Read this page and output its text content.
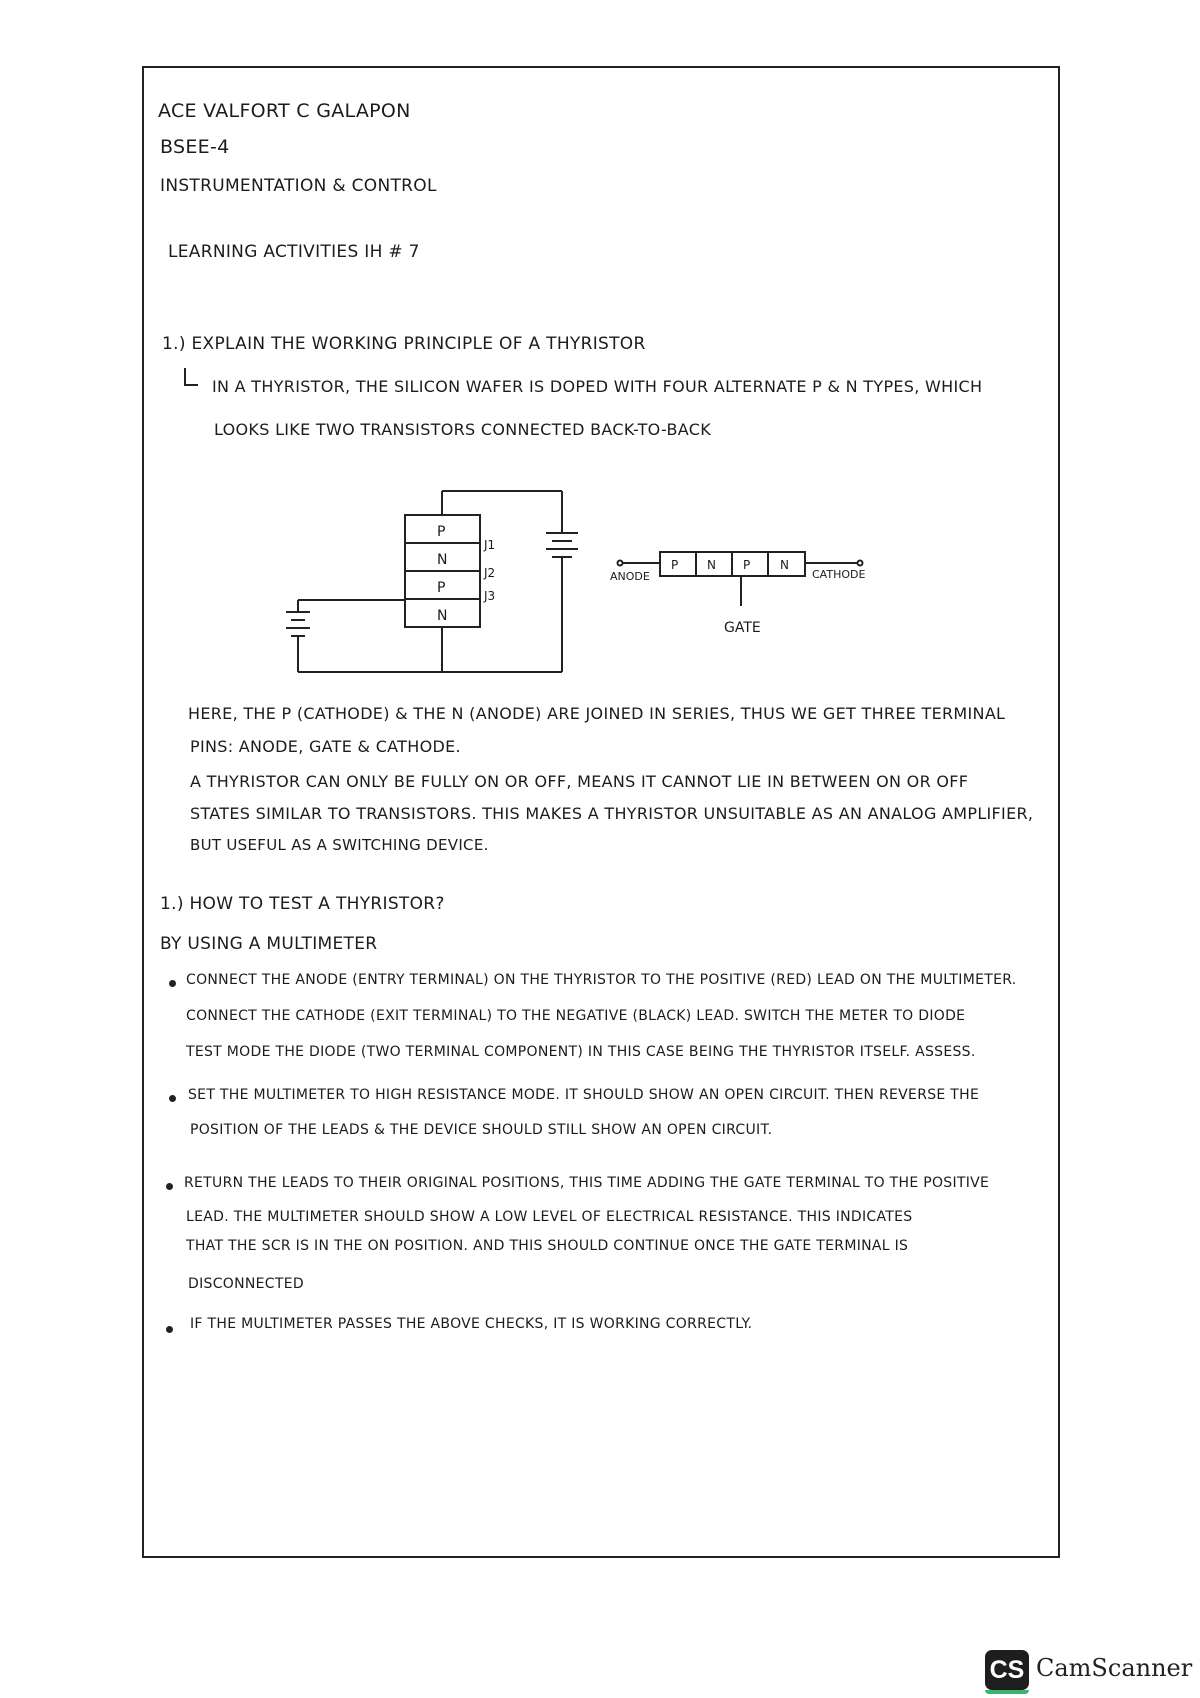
ACE VALFORT C GALAPON
BSEE-4
INSTRUMENTATION & CONTROL
LEARNING ACTIVITIES IH # 7
1.) EXPLAIN THE WORKING PRINCIPLE OF A THYRISTOR
IN A THYRISTOR, THE SILICON WAFER IS DOPED WITH FOUR ALTERNATE P & N TYPES, WHICH
LOOKS LIKE TWO TRANSISTORS CONNECTED BACK-TO-BACK
P
N
P
N
J1
J2
J3
P N P N
ANODE	CATHODE
GATE
HERE, THE P (CATHODE) & THE N (ANODE) ARE JOINED IN SERIES, THUS WE GET THREE TERMINAL
PINS: ANODE, GATE & CATHODE.
A THYRISTOR CAN ONLY BE FULLY ON OR OFF, MEANS IT CANNOT LIE IN BETWEEN ON OR OFF
STATES SIMILAR TO TRANSISTORS. THIS MAKES A THYRISTOR UNSUITABLE AS AN ANALOG AMPLIFIER,
BUT USEFUL AS A SWITCHING DEVICE.
1.) HOW TO TEST A THYRISTOR?
BY USING A MULTIMETER
CONNECT THE ANODE (ENTRY TERMINAL) ON THE THYRISTOR TO THE POSITIVE (RED) LEAD ON THE MULTIMETER.
CONNECT THE CATHODE (EXIT TERMINAL) TO THE NEGATIVE (BLACK) LEAD. SWITCH THE METER TO DIODE
TEST MODE THE DIODE (TWO TERMINAL COMPONENT) IN THIS CASE BEING THE THYRISTOR ITSELF. ASSESS.
SET THE MULTIMETER TO HIGH RESISTANCE MODE. IT SHOULD SHOW AN OPEN CIRCUIT. THEN REVERSE THE
POSITION OF THE LEADS & THE DEVICE SHOULD STILL SHOW AN OPEN CIRCUIT.
RETURN THE LEADS TO THEIR ORIGINAL POSITIONS, THIS TIME ADDING THE GATE TERMINAL TO THE POSITIVE
LEAD. THE MULTIMETER SHOULD SHOW A LOW LEVEL OF ELECTRICAL RESISTANCE. THIS INDICATES
THAT THE SCR IS IN THE ON POSITION. AND THIS SHOULD CONTINUE ONCE THE GATE TERMINAL IS
DISCONNECTED
IF THE MULTIMETER PASSES THE ABOVE CHECKS, IT IS WORKING CORRECTLY.
CS CamScanner
